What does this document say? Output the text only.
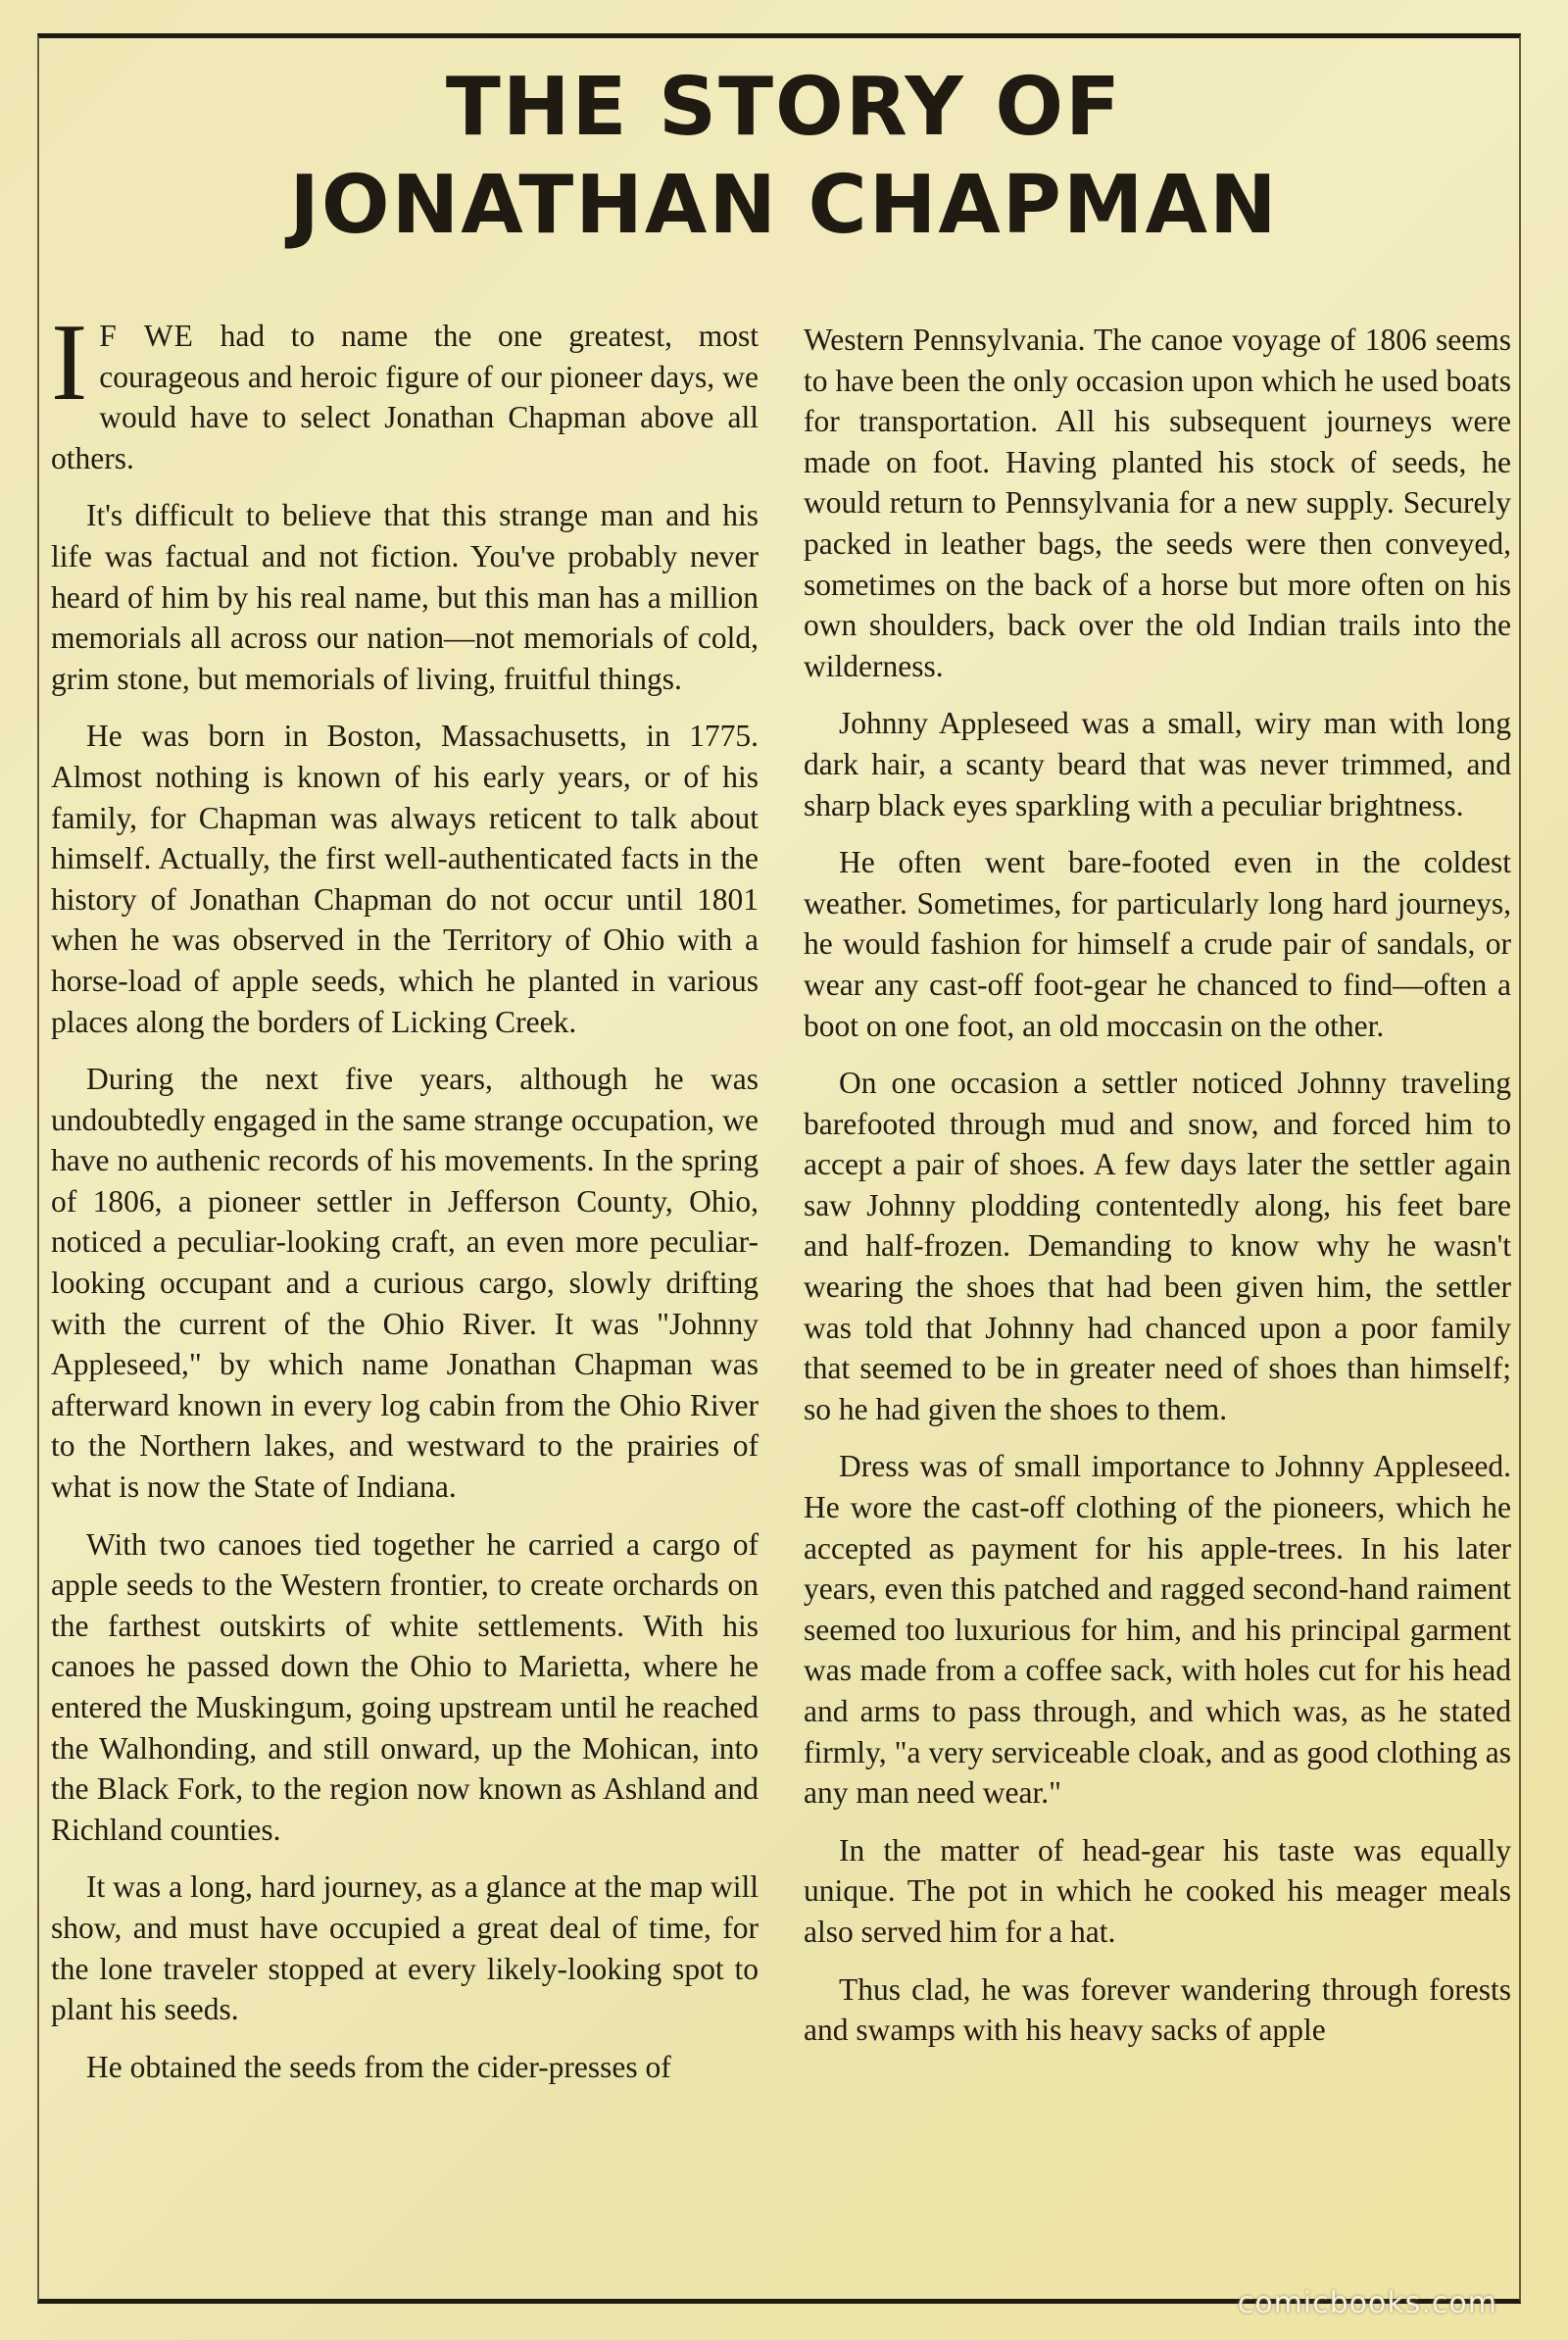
THE STORY OF
JONATHAN CHAPMAN

I F WE had to name the one greatest, most courageous and heroic figure of our pioneer days, we would have to select Jonathan Chapman above all others.

It's difficult to believe that this strange man and his life was factual and not fiction. You've probably never heard of him by his real name, but this man has a million memorials all across our nation—not memorials of cold, grim stone, but memorials of living, fruitful things.

He was born in Boston, Massachusetts, in 1775. Almost nothing is known of his early years, or of his family, for Chapman was always reticent to talk about himself. Actually, the first well-authenticated facts in the history of Jonathan Chapman do not occur until 1801 when he was observed in the Territory of Ohio with a horse-load of apple seeds, which he planted in various places along the borders of Licking Creek.

During the next five years, although he was undoubtedly engaged in the same strange occupation, we have no authenic records of his movements. In the spring of 1806, a pioneer settler in Jefferson County, Ohio, noticed a peculiar-looking craft, an even more peculiar-looking occupant and a curious cargo, slowly drifting with the current of the Ohio River. It was "Johnny Appleseed," by which name Jonathan Chapman was afterward known in every log cabin from the Ohio River to the Northern lakes, and westward to the prairies of what is now the State of Indiana.

With two canoes tied together he carried a cargo of apple seeds to the Western frontier, to create orchards on the farthest outskirts of white settlements. With his canoes he passed down the Ohio to Marietta, where he entered the Muskingum, going upstream until he reached the Walhonding, and still onward, up the Mohican, into the Black Fork, to the region now known as Ashland and Richland counties.

It was a long, hard journey, as a glance at the map will show, and must have occupied a great deal of time, for the lone traveler stopped at every likely-looking spot to plant his seeds.

He obtained the seeds from the cider-presses of

Western Pennsylvania. The canoe voyage of 1806 seems to have been the only occasion upon which he used boats for transportation. All his subsequent journeys were made on foot. Having planted his stock of seeds, he would return to Pennsylvania for a new supply. Securely packed in leather bags, the seeds were then conveyed, sometimes on the back of a horse but more often on his own shoulders, back over the old Indian trails into the wilderness.

Johnny Appleseed was a small, wiry man with long dark hair, a scanty beard that was never trimmed, and sharp black eyes sparkling with a peculiar brightness.

He often went bare-footed even in the coldest weather. Sometimes, for particularly long hard journeys, he would fashion for himself a crude pair of sandals, or wear any cast-off foot-gear he chanced to find—often a boot on one foot, an old moccasin on the other.

On one occasion a settler noticed Johnny traveling barefooted through mud and snow, and forced him to accept a pair of shoes. A few days later the settler again saw Johnny plodding contentedly along, his feet bare and half-frozen. Demanding to know why he wasn't wearing the shoes that had been given him, the settler was told that Johnny had chanced upon a poor family that seemed to be in greater need of shoes than himself; so he had given the shoes to them.

Dress was of small importance to Johnny Appleseed. He wore the cast-off clothing of the pioneers, which he accepted as payment for his apple-trees. In his later years, even this patched and ragged second-hand raiment seemed too luxurious for him, and his principal garment was made from a coffee sack, with holes cut for his head and arms to pass through, and which was, as he stated firmly, "a very serviceable cloak, and as good clothing as any man need wear."

In the matter of head-gear his taste was equally unique. The pot in which he cooked his meager meals also served him for a hat.

Thus clad, he was forever wandering through forests and swamps with his heavy sacks of apple

comicbooks.com
